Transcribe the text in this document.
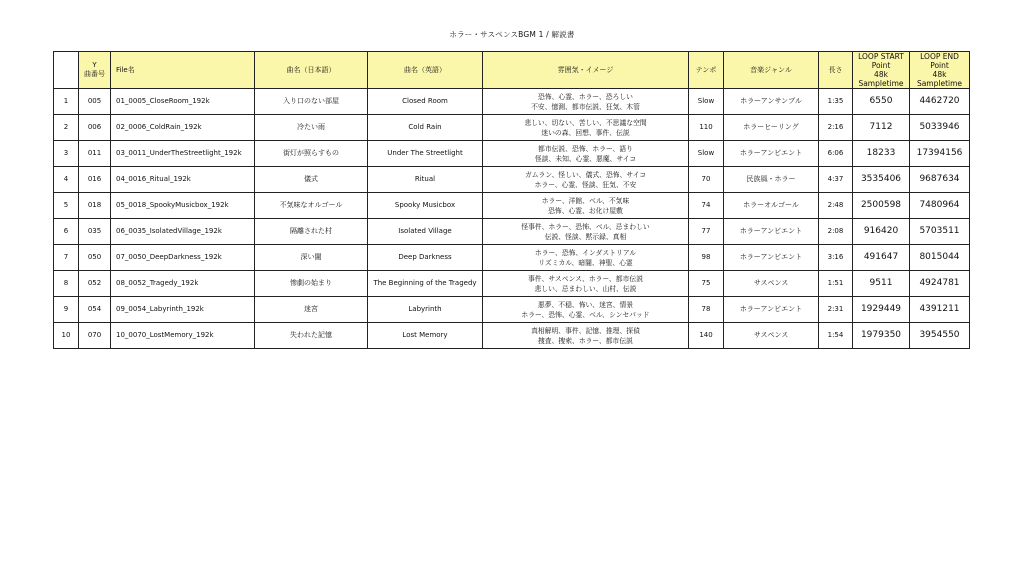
ホラー・サスペンスBGM 1 / 解説書
	Y
曲番号	File名	曲名（日本語）	曲名（英語）	雰囲気・イメージ	テンポ	音楽ジャンル	長さ	LOOP START
Point
48k
Sampletime	LOOP END
Point
48k
Sampletime
1	005	01_0005_CloseRoom_192k	入り口のない部屋	Closed Room	恐怖、心霊、ホラー、恐ろしい
不安、憶測、都市伝説、狂気、木管	Slow	ホラーアンサンブル	1:35	6550	4462720
2	006	02_0006_ColdRain_192k	冷たい雨	Cold Rain	悲しい、切ない、苦しい、不思議な空間
迷いの森、回想、事件、伝説	110	ホラーヒーリング	2:16	7112	5033946
3	011	03_0011_UnderTheStreetlight_192k	街灯が照らすもの	Under The Streetlight	都市伝説、恐怖、ホラー、語り
怪談、未知、心霊、悪魔、サイコ	Slow	ホラーアンビエント	6:06	18233	17394156
4	016	04_0016_Ritual_192k	儀式	Ritual	ガムラン、怪しい、儀式、恐怖、サイコ
ホラー、心霊、怪談、狂気、不安	70	民族風・ホラー	4:37	3535406	9687634
5	018	05_0018_SpookyMusicbox_192k	不気味なオルゴール	Spooky Musicbox	ホラー、洋館、ベル、不気味
恐怖、心霊、お化け屋敷	74	ホラーオルゴール	2:48	2500598	7480964
6	035	06_0035_IsolatedVillage_192k	隔離された村	Isolated Village	怪事件、ホラー、恐怖、ベル、忌まわしい
伝説、怪談、黙示録、真相	77	ホラーアンビエント	2:08	916420	5703511
7	050	07_0050_DeepDarkness_192k	深い闇	Deep Darkness	ホラー、恐怖、インダストリアル
リズミカル、暗闇、神聖、心霊	98	ホラーアンビエント	3:16	491647	8015044
8	052	08_0052_Tragedy_192k	惨劇の始まり	The Beginning of the Tragedy	事件、サスペンス、ホラー、都市伝説
悲しい、忌まわしい、山村、伝説	75	サスペンス	1:51	9511	4924781
9	054	09_0054_Labyrinth_192k	迷宮	Labyrinth	悪夢、不穏、怖い、迷宮、情景
ホラー、恐怖、心霊、ベル、シンセパッド	78	ホラーアンビエント	2:31	1929449	4391211
10	070	10_0070_LostMemory_192k	失われた記憶	Lost Memory	真相解明、事件、記憶、推理、探偵
捜査、捜索、ホラー、都市伝説	140	サスペンス	1:54	1979350	3954550
